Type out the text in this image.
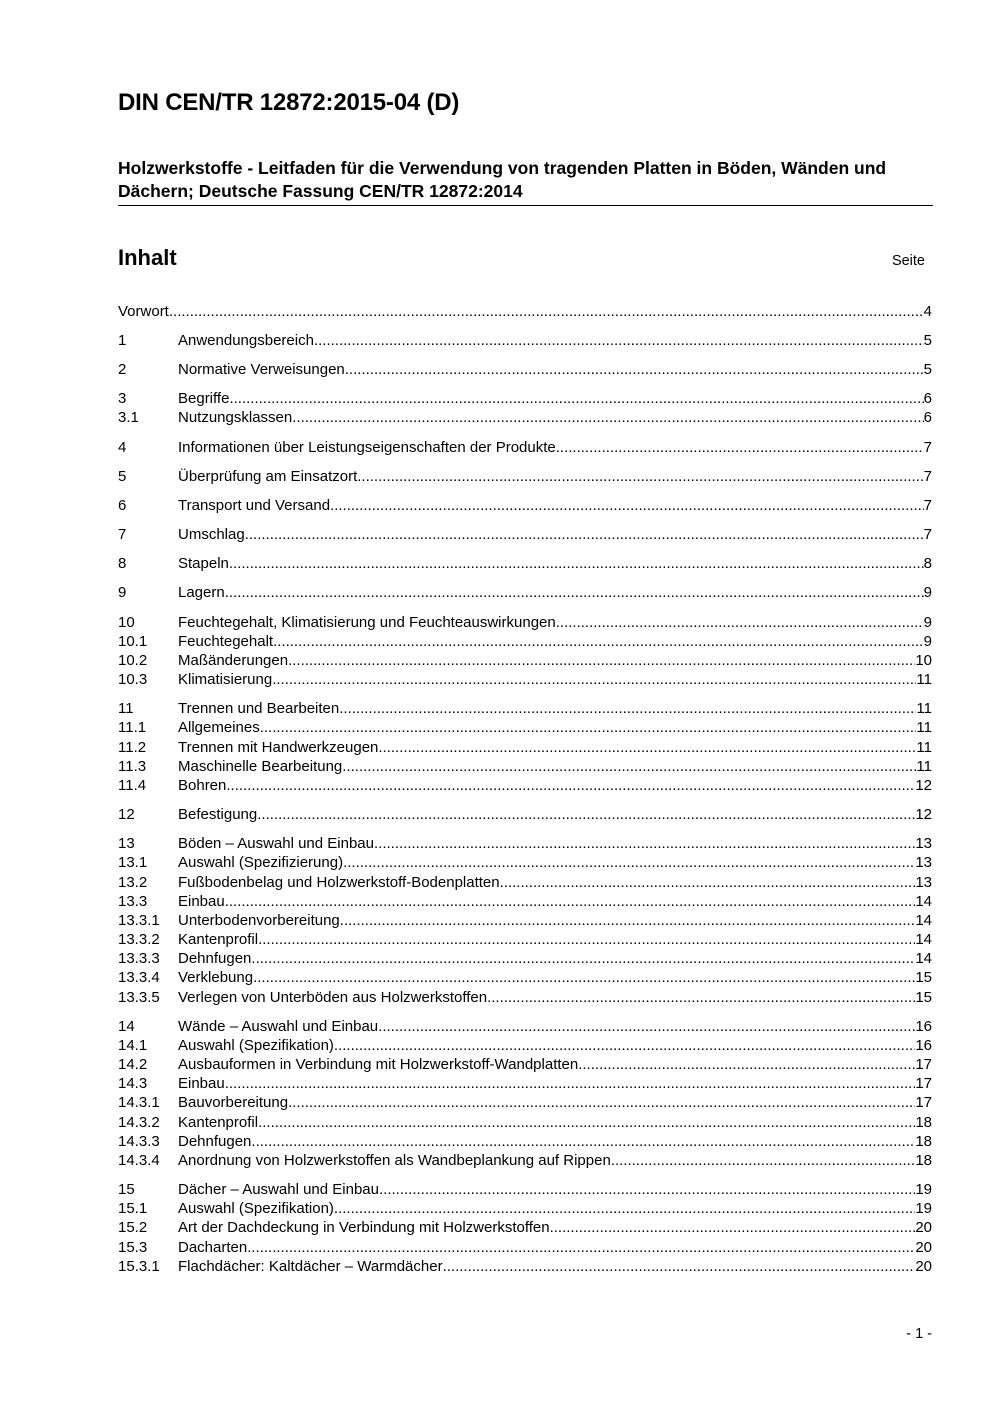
DIN CEN/TR 12872:2015-04 (D)
Holzwerkstoffe - Leitfaden für die Verwendung von tragenden Platten in Böden, Wänden und Dächern; Deutsche Fassung CEN/TR 12872:2014
Inhalt	Seite
Vorwort .....	4
1	Anwendungsbereich .....	5
2	Normative Verweisungen .....	5
3	Begriffe .....	6
3.1	Nutzungsklassen .....	6
4	Informationen über Leistungseigenschaften der Produkte .....	7
5	Überprüfung am Einsatzort .....	7
6	Transport und Versand .....	7
7	Umschlag .....	7
8	Stapeln .....	8
9	Lagern .....	9
10	Feuchtegehalt, Klimatisierung und Feuchteauswirkungen .....	9
10.1	Feuchtegehalt .....	9
10.2	Maßänderungen .....	10
10.3	Klimatisierung .....	11
11	Trennen und Bearbeiten .....	11
11.1	Allgemeines .....	11
11.2	Trennen mit Handwerkzeugen .....	11
11.3	Maschinelle Bearbeitung .....	11
11.4	Bohren .....	12
12	Befestigung .....	12
13	Böden – Auswahl und Einbau .....	13
13.1	Auswahl (Spezifizierung) .....	13
13.2	Fußbodenbelag und Holzwerkstoff-Bodenplatten .....	13
13.3	Einbau .....	14
13.3.1	Unterbodenvorbereitung .....	14
13.3.2	Kantenprofil .....	14
13.3.3	Dehnfugen .....	14
13.3.4	Verklebung .....	15
13.3.5	Verlegen von Unterböden aus Holzwerkstoffen .....	15
14	Wände – Auswahl und Einbau .....	16
14.1	Auswahl (Spezifikation) .....	16
14.2	Ausbauformen in Verbindung mit Holzwerkstoff-Wandplatten .....	17
14.3	Einbau .....	17
14.3.1	Bauvorbereitung .....	17
14.3.2	Kantenprofil .....	18
14.3.3	Dehnfugen .....	18
14.3.4	Anordnung von Holzwerkstoffen als Wandbeplankung auf Rippen .....	18
15	Dächer – Auswahl und Einbau .....	19
15.1	Auswahl (Spezifikation) .....	19
15.2	Art der Dachdeckung in Verbindung mit Holzwerkstoffen .....	20
15.3	Dacharten .....	20
15.3.1	Flachdächer: Kaltdächer – Warmdächer .....	20
- 1 -
